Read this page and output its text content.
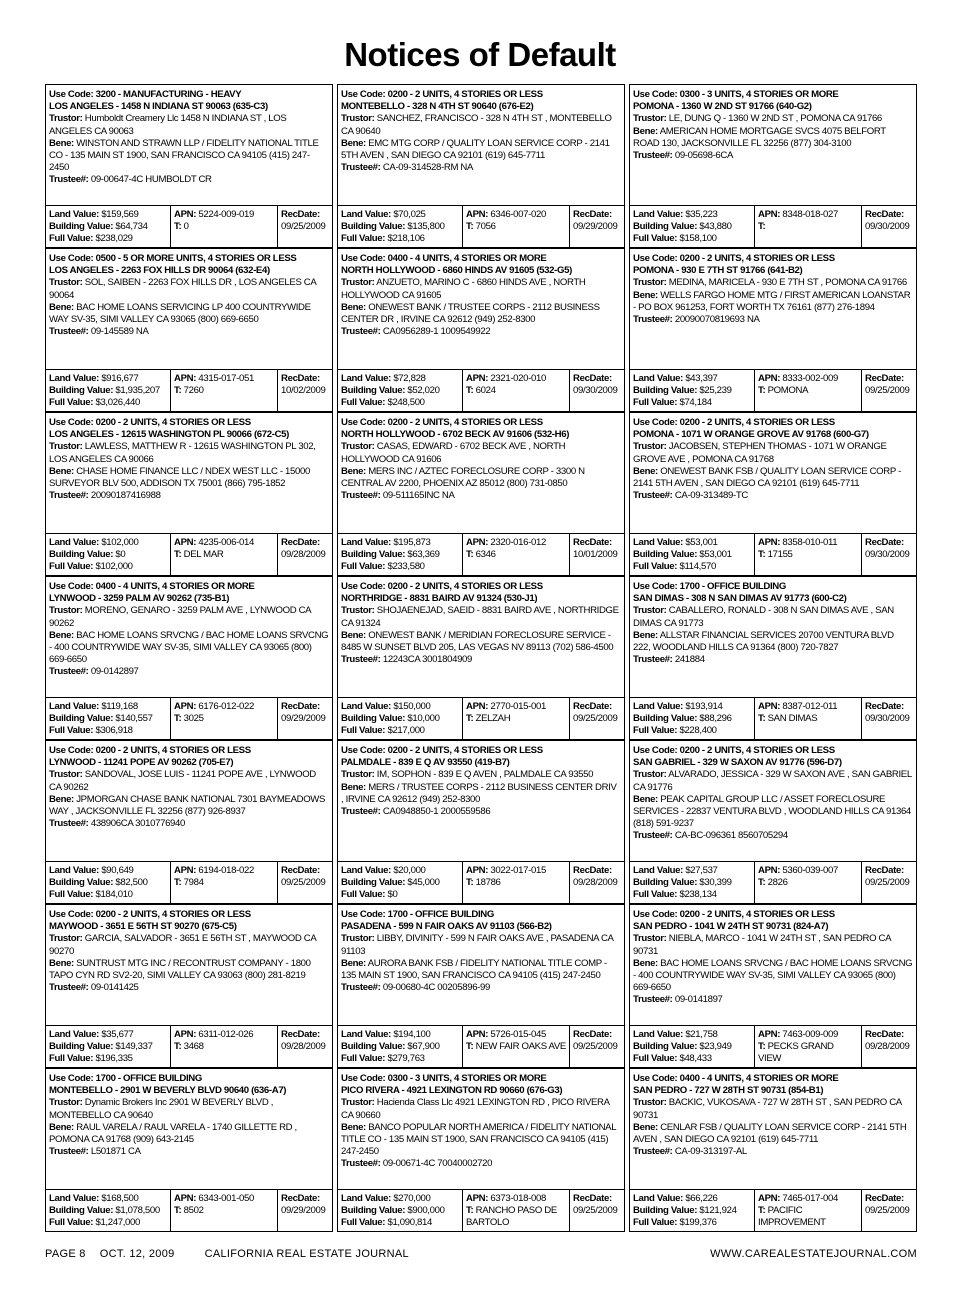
Notices of Default
Use Code: 3200 - MANUFACTURING - HEAVY
LOS ANGELES - 1458 N INDIANA ST 90063 (635-C3)
Trustor: Humboldt Creamery Llc 1458 N INDIANA ST , LOS ANGELES CA 90063
Bene: WINSTON AND STRAWN LLP / FIDELITY NATIONAL TITLE CO - 135 MAIN ST 1900, SAN FRANCISCO CA 94105 (415) 247-2450
Trustee#: 09-00647-4C HUMBOLDT CR
Land Value: $159,569
Building Value: $64,734
Full Value: $238,029
APN: 5224-009-019
T: 0
RecDate:
09/25/2009
Use Code: 0500 - 5 OR MORE UNITS, 4 STORIES OR LESS
LOS ANGELES - 2263 FOX HILLS DR 90064 (632-E4)
Trustor: SOL, SAIBEN - 2263 FOX HILLS DR , LOS ANGELES CA 90064
Bene: BAC HOME LOANS SERVICING LP 400 COUNTRYWIDE WAY SV-35, SIMI VALLEY CA 93065 (800) 669-6650
Trustee#: 09-145589 NA
Land Value: $916,677
Building Value: $1,935,207
Full Value: $3,026,440
APN: 4315-017-051
T: 7260
RecDate:
10/02/2009
Use Code: 0200 - 2 UNITS, 4 STORIES OR LESS
LOS ANGELES - 12615 WASHINGTON PL 90066 (672-C5)
Trustor: LAWLESS, MATTHEW R - 12615 WASHINGTON PL 302, LOS ANGELES CA 90066
Bene: CHASE HOME FINANCE LLC / NDEX WEST LLC - 15000 SURVEYOR BLV 500, ADDISON TX 75001 (866) 795-1852
Trustee#: 20090187416988
Land Value: $102,000
Building Value: $0
Full Value: $102,000
APN: 4235-006-014
T: DEL MAR
RecDate:
09/28/2009
Use Code: 0400 - 4 UNITS, 4 STORIES OR MORE
LYNWOOD - 3259 PALM AV 90262 (735-B1)
Trustor: MORENO, GENARO - 3259 PALM AVE , LYNWOOD CA 90262
Bene: BAC HOME LOANS SRVCNG / BAC HOME LOANS SRVCNG - 400 COUNTRYWIDE WAY SV-35, SIMI VALLEY CA 93065 (800) 669-6650
Trustee#: 09-0142897
Land Value: $119,168
Building Value: $140,557
Full Value: $306,918
APN: 6176-012-022
T: 3025
RecDate:
09/29/2009
Use Code: 0200 - 2 UNITS, 4 STORIES OR LESS
LYNWOOD - 11241 POPE AV 90262 (705-E7)
Trustor: SANDOVAL, JOSE LUIS - 11241 POPE AVE , LYNWOOD CA 90262
Bene: JPMORGAN CHASE BANK NATIONAL 7301 BAYMEADOWS WAY , JACKSONVILLE FL 32256 (877) 926-8937
Trustee#: 438906CA 3010776940
Land Value: $90,649
Building Value: $82,500
Full Value: $184,010
APN: 6194-018-022
T: 7984
RecDate:
09/25/2009
Use Code: 0200 - 2 UNITS, 4 STORIES OR LESS
MAYWOOD - 3651 E 56TH ST 90270 (675-C5)
Trustor: GARCIA, SALVADOR - 3651 E 56TH ST , MAYWOOD CA 90270
Bene: SUNTRUST MTG INC / RECONTRUST COMPANY - 1800 TAPO CYN RD SV2-20, SIMI VALLEY CA 93063 (800) 281-8219
Trustee#: 09-0141425
Land Value: $35,677
Building Value: $149,337
Full Value: $196,335
APN: 6311-012-026
T: 3468
RecDate:
09/28/2009
Use Code: 1700 - OFFICE BUILDING
MONTEBELLO - 2901 W BEVERLY BLVD 90640 (636-A7)
Trustor: Dynamic Brokers Inc 2901 W BEVERLY BLVD , MONTEBELLO CA 90640
Bene: RAUL VARELA / RAUL VARELA - 1740 GILLETTE RD , POMONA CA 91768 (909) 643-2145
Trustee#: L501871 CA
Land Value: $168,500
Building Value: $1,078,500
Full Value: $1,247,000
APN: 6343-001-050
T: 8502
RecDate:
09/29/2009
Use Code: 0200 - 2 UNITS, 4 STORIES OR LESS
MONTEBELLO - 328 N 4TH ST 90640 (676-E2)
Trustor: SANCHEZ, FRANCISCO - 328 N 4TH ST , MONTEBELLO CA 90640
Bene: EMC MTG CORP / QUALITY LOAN SERVICE CORP - 2141 5TH AVEN , SAN DIEGO CA 92101 (619) 645-7711
Trustee#: CA-09-314528-RM NA
Land Value: $70,025
Building Value: $135,800
Full Value: $218,106
APN: 6346-007-020
T: 7056
RecDate:
09/29/2009
Use Code: 0400 - 4 UNITS, 4 STORIES OR MORE
NORTH HOLLYWOOD - 6860 HINDS AV 91605 (532-G5)
Trustor: ANZUETO, MARINO C - 6860 HINDS AVE , NORTH HOLLYWOOD CA 91605
Bene: ONEWEST BANK / TRUSTEE CORPS - 2112 BUSINESS CENTER DR , IRVINE CA 92612 (949) 252-8300
Trustee#: CA0956289-1 1009549922
Land Value: $72,828
Building Value: $52,020
Full Value: $248,500
APN: 2321-020-010
T: 6024
RecDate:
09/30/2009
Use Code: 0200 - 2 UNITS, 4 STORIES OR LESS
NORTH HOLLYWOOD - 6702 BECK AV 91606 (532-H6)
Trustor: CASAS, EDWARD - 6702 BECK AVE , NORTH HOLLYWOOD CA 91606
Bene: MERS INC / AZTEC FORECLOSURE CORP - 3300 N CENTRAL AV 2200, PHOENIX AZ 85012 (800) 731-0850
Trustee#: 09-511165INC NA
Land Value: $195,873
Building Value: $63,369
Full Value: $233,580
APN: 2320-016-012
T: 6346
RecDate:
10/01/2009
Use Code: 0200 - 2 UNITS, 4 STORIES OR LESS
NORTHRIDGE - 8831 BAIRD AV 91324 (530-J1)
Trustor: SHOJAENEJAD, SAEID - 8831 BAIRD AVE , NORTHRIDGE CA 91324
Bene: ONEWEST BANK / MERIDIAN FORECLOSURE SERVICE - 8485 W SUNSET BLVD 205, LAS VEGAS NV 89113 (702) 586-4500
Trustee#: 12243CA 3001804909
Land Value: $150,000
Building Value: $10,000
Full Value: $217,000
APN: 2770-015-001
T: ZELZAH
RecDate:
09/25/2009
Use Code: 0200 - 2 UNITS, 4 STORIES OR LESS
PALMDALE - 839 E Q AV 93550 (419-B7)
Trustor: IM, SOPHON - 839 E Q AVEN , PALMDALE CA 93550
Bene: MERS / TRUSTEE CORPS - 2112 BUSINESS CENTER DRIV , IRVINE CA 92612 (949) 252-8300
Trustee#: CA0948850-1 2000559586
Land Value: $20,000
Building Value: $45,000
Full Value: $0
APN: 3022-017-015
T: 18786
RecDate:
09/28/2009
Use Code: 1700 - OFFICE BUILDING
PASADENA - 599 N FAIR OAKS AV 91103 (566-B2)
Trustor: LIBBY, DIVINITY - 599 N FAIR OAKS AVE , PASADENA CA 91103
Bene: AURORA BANK FSB / FIDELITY NATIONAL TITLE COMP - 135 MAIN ST 1900, SAN FRANCISCO CA 94105 (415) 247-2450
Trustee#: 09-00680-4C 00205896-99
Land Value: $194,100
Building Value: $67,900
Full Value: $279,763
APN: 5726-015-045
T: NEW FAIR OAKS AVE
RecDate:
09/25/2009
Use Code: 0300 - 3 UNITS, 4 STORIES OR MORE
PICO RIVERA - 4921 LEXINGTON RD 90660 (676-G3)
Trustor: Hacienda Class Llc 4921 LEXINGTON RD , PICO RIVERA CA 90660
Bene: BANCO POPULAR NORTH AMERICA / FIDELITY NATIONAL TITLE CO - 135 MAIN ST 1900, SAN FRANCISCO CA 94105 (415) 247-2450
Trustee#: 09-00671-4C 70040002720
Land Value: $270,000
Building Value: $900,000
Full Value: $1,090,814
APN: 6373-018-008
T: RANCHO PASO DE BARTOLO
RecDate:
09/25/2009
Use Code: 0300 - 3 UNITS, 4 STORIES OR MORE
POMONA - 1360 W 2ND ST 91766 (640-G2)
Trustor: LE, DUNG Q - 1360 W 2ND ST , POMONA CA 91766
Bene: AMERICAN HOME MORTGAGE SVCS 4075 BELFORT ROAD 130, JACKSONVILLE FL 32256 (877) 304-3100
Trustee#: 09-05698-6CA
Land Value: $35,223
Building Value: $43,880
Full Value: $158,100
APN: 8348-018-027
T:
RecDate:
09/30/2009
Use Code: 0200 - 2 UNITS, 4 STORIES OR LESS
POMONA - 930 E 7TH ST 91766 (641-B2)
Trustor: MEDINA, MARICELA - 930 E 7TH ST , POMONA CA 91766
Bene: WELLS FARGO HOME MTG / FIRST AMERICAN LOANSTAR - PO BOX 961253, FORT WORTH TX 76161 (877) 276-1894
Trustee#: 20090070819693 NA
Land Value: $43,397
Building Value: $25,239
Full Value: $74,184
APN: 8333-002-009
T: POMONA
RecDate:
09/25/2009
Use Code: 0200 - 2 UNITS, 4 STORIES OR LESS
POMONA - 1071 W ORANGE GROVE AV 91768 (600-G7)
Trustor: JACOBSEN, STEPHEN THOMAS - 1071 W ORANGE GROVE AVE , POMONA CA 91768
Bene: ONEWEST BANK FSB / QUALITY LOAN SERVICE CORP - 2141 5TH AVEN , SAN DIEGO CA 92101 (619) 645-7711
Trustee#: CA-09-313489-TC
Land Value: $53,001
Building Value: $53,001
Full Value: $114,570
APN: 8358-010-011
T: 17155
RecDate:
09/30/2009
Use Code: 1700 - OFFICE BUILDING
SAN DIMAS - 308 N SAN DIMAS AV 91773 (600-C2)
Trustor: CABALLERO, RONALD - 308 N SAN DIMAS AVE , SAN DIMAS CA 91773
Bene: ALLSTAR FINANCIAL SERVICES 20700 VENTURA BLVD 222, WOODLAND HILLS CA 91364 (800) 720-7827
Trustee#: 241884
Land Value: $193,914
Building Value: $88,296
Full Value: $228,400
APN: 8387-012-011
T: SAN DIMAS
RecDate:
09/30/2009
Use Code: 0200 - 2 UNITS, 4 STORIES OR LESS
SAN GABRIEL - 329 W SAXON AV 91776 (596-D7)
Trustor: ALVARADO, JESSICA - 329 W SAXON AVE , SAN GABRIEL CA 91776
Bene: PEAK CAPITAL GROUP LLC / ASSET FORECLOSURE SERVICES - 22837 VENTURA BLVD , WOODLAND HILLS CA 91364 (818) 591-9237
Trustee#: CA-BC-096361 8560705294
Land Value: $27,537
Building Value: $30,399
Full Value: $238,134
APN: 5360-039-007
T: 2826
RecDate:
09/25/2009
Use Code: 0200 - 2 UNITS, 4 STORIES OR LESS
SAN PEDRO - 1041 W 24TH ST 90731 (824-A7)
Trustor: NIEBLA, MARCO - 1041 W 24TH ST , SAN PEDRO CA 90731
Bene: BAC HOME LOANS SRVCNG / BAC HOME LOANS SRVCNG - 400 COUNTRYWIDE WAY SV-35, SIMI VALLEY CA 93065 (800) 669-6650
Trustee#: 09-0141897
Land Value: $21,758
Building Value: $23,949
Full Value: $48,433
APN: 7463-009-009
T: PECKS GRAND VIEW
RecDate:
09/28/2009
Use Code: 0400 - 4 UNITS, 4 STORIES OR MORE
SAN PEDRO - 727 W 28TH ST 90731 (854-B1)
Trustor: BACKIC, VUKOSAVA - 727 W 28TH ST , SAN PEDRO CA 90731
Bene: CENLAR FSB / QUALITY LOAN SERVICE CORP - 2141 5TH AVEN , SAN DIEGO CA 92101 (619) 645-7711
Trustee#: CA-09-313197-AL
Land Value: $66,226
Building Value: $121,924
Full Value: $199,376
APN: 7465-017-004
T: PACIFIC IMPROVEMENT
RecDate:
09/25/2009
PAGE 8 OCT. 12, 2009	CALIFORNIA REAL ESTATE JOURNAL	WWW.CAREALESTATEJOURNAL.COM
